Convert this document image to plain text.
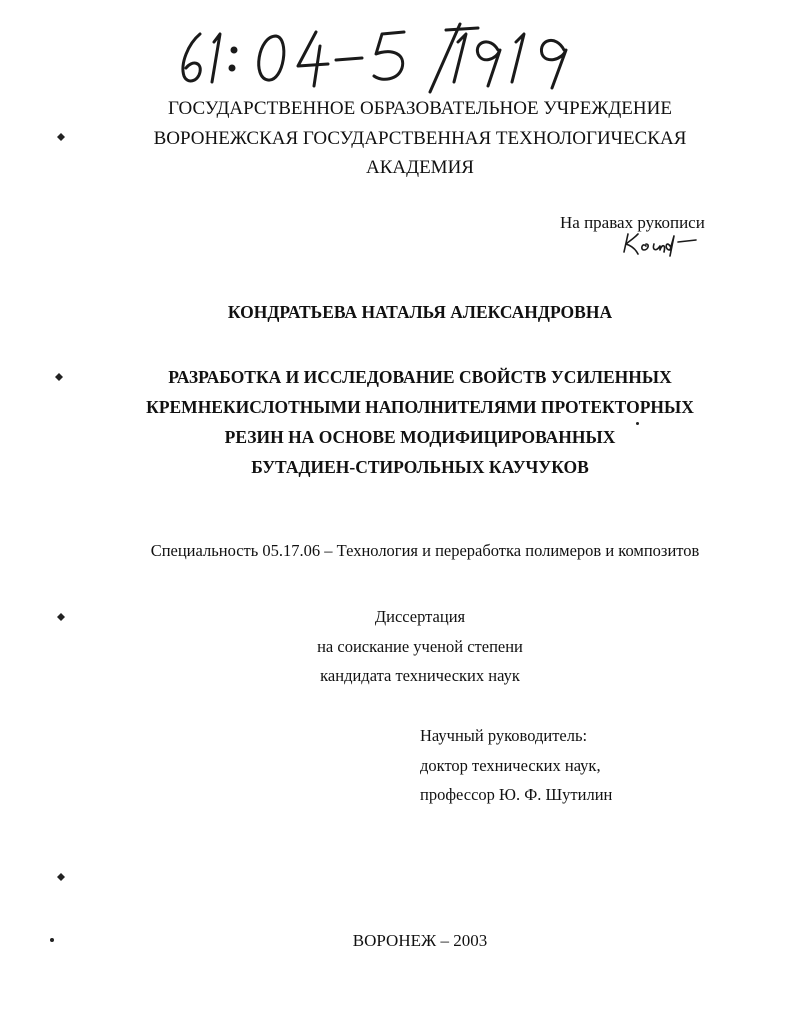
ГОСУДАРСТВЕННОЕ ОБРАЗОВАТЕЛЬНОЕ УЧРЕЖДЕНИЕ
ВОРОНЕЖСКАЯ ГОСУДАРСТВЕННАЯ ТЕХНОЛОГИЧЕСКАЯ
АКАДЕМИЯ
На правах рукописи
КОНДРАТЬЕВА НАТАЛЬЯ АЛЕКСАНДРОВНА
РАЗРАБОТКА И ИССЛЕДОВАНИЕ СВОЙСТВ УСИЛЕННЫХ
КРЕМНЕКИСЛОТНЫМИ НАПОЛНИТЕЛЯМИ ПРОТЕКТОРНЫХ
РЕЗИН НА ОСНОВЕ МОДИФИЦИРОВАННЫХ
БУТАДИЕН-СТИРОЛЬНЫХ КАУЧУКОВ
Специальность 05.17.06 – Технология и переработка полимеров и композитов
Диссертация
на соискание ученой степени
кандидата технических наук
Научный руководитель:
доктор технических наук,
профессор Ю. Ф. Шутилин
ВОРОНЕЖ – 2003
